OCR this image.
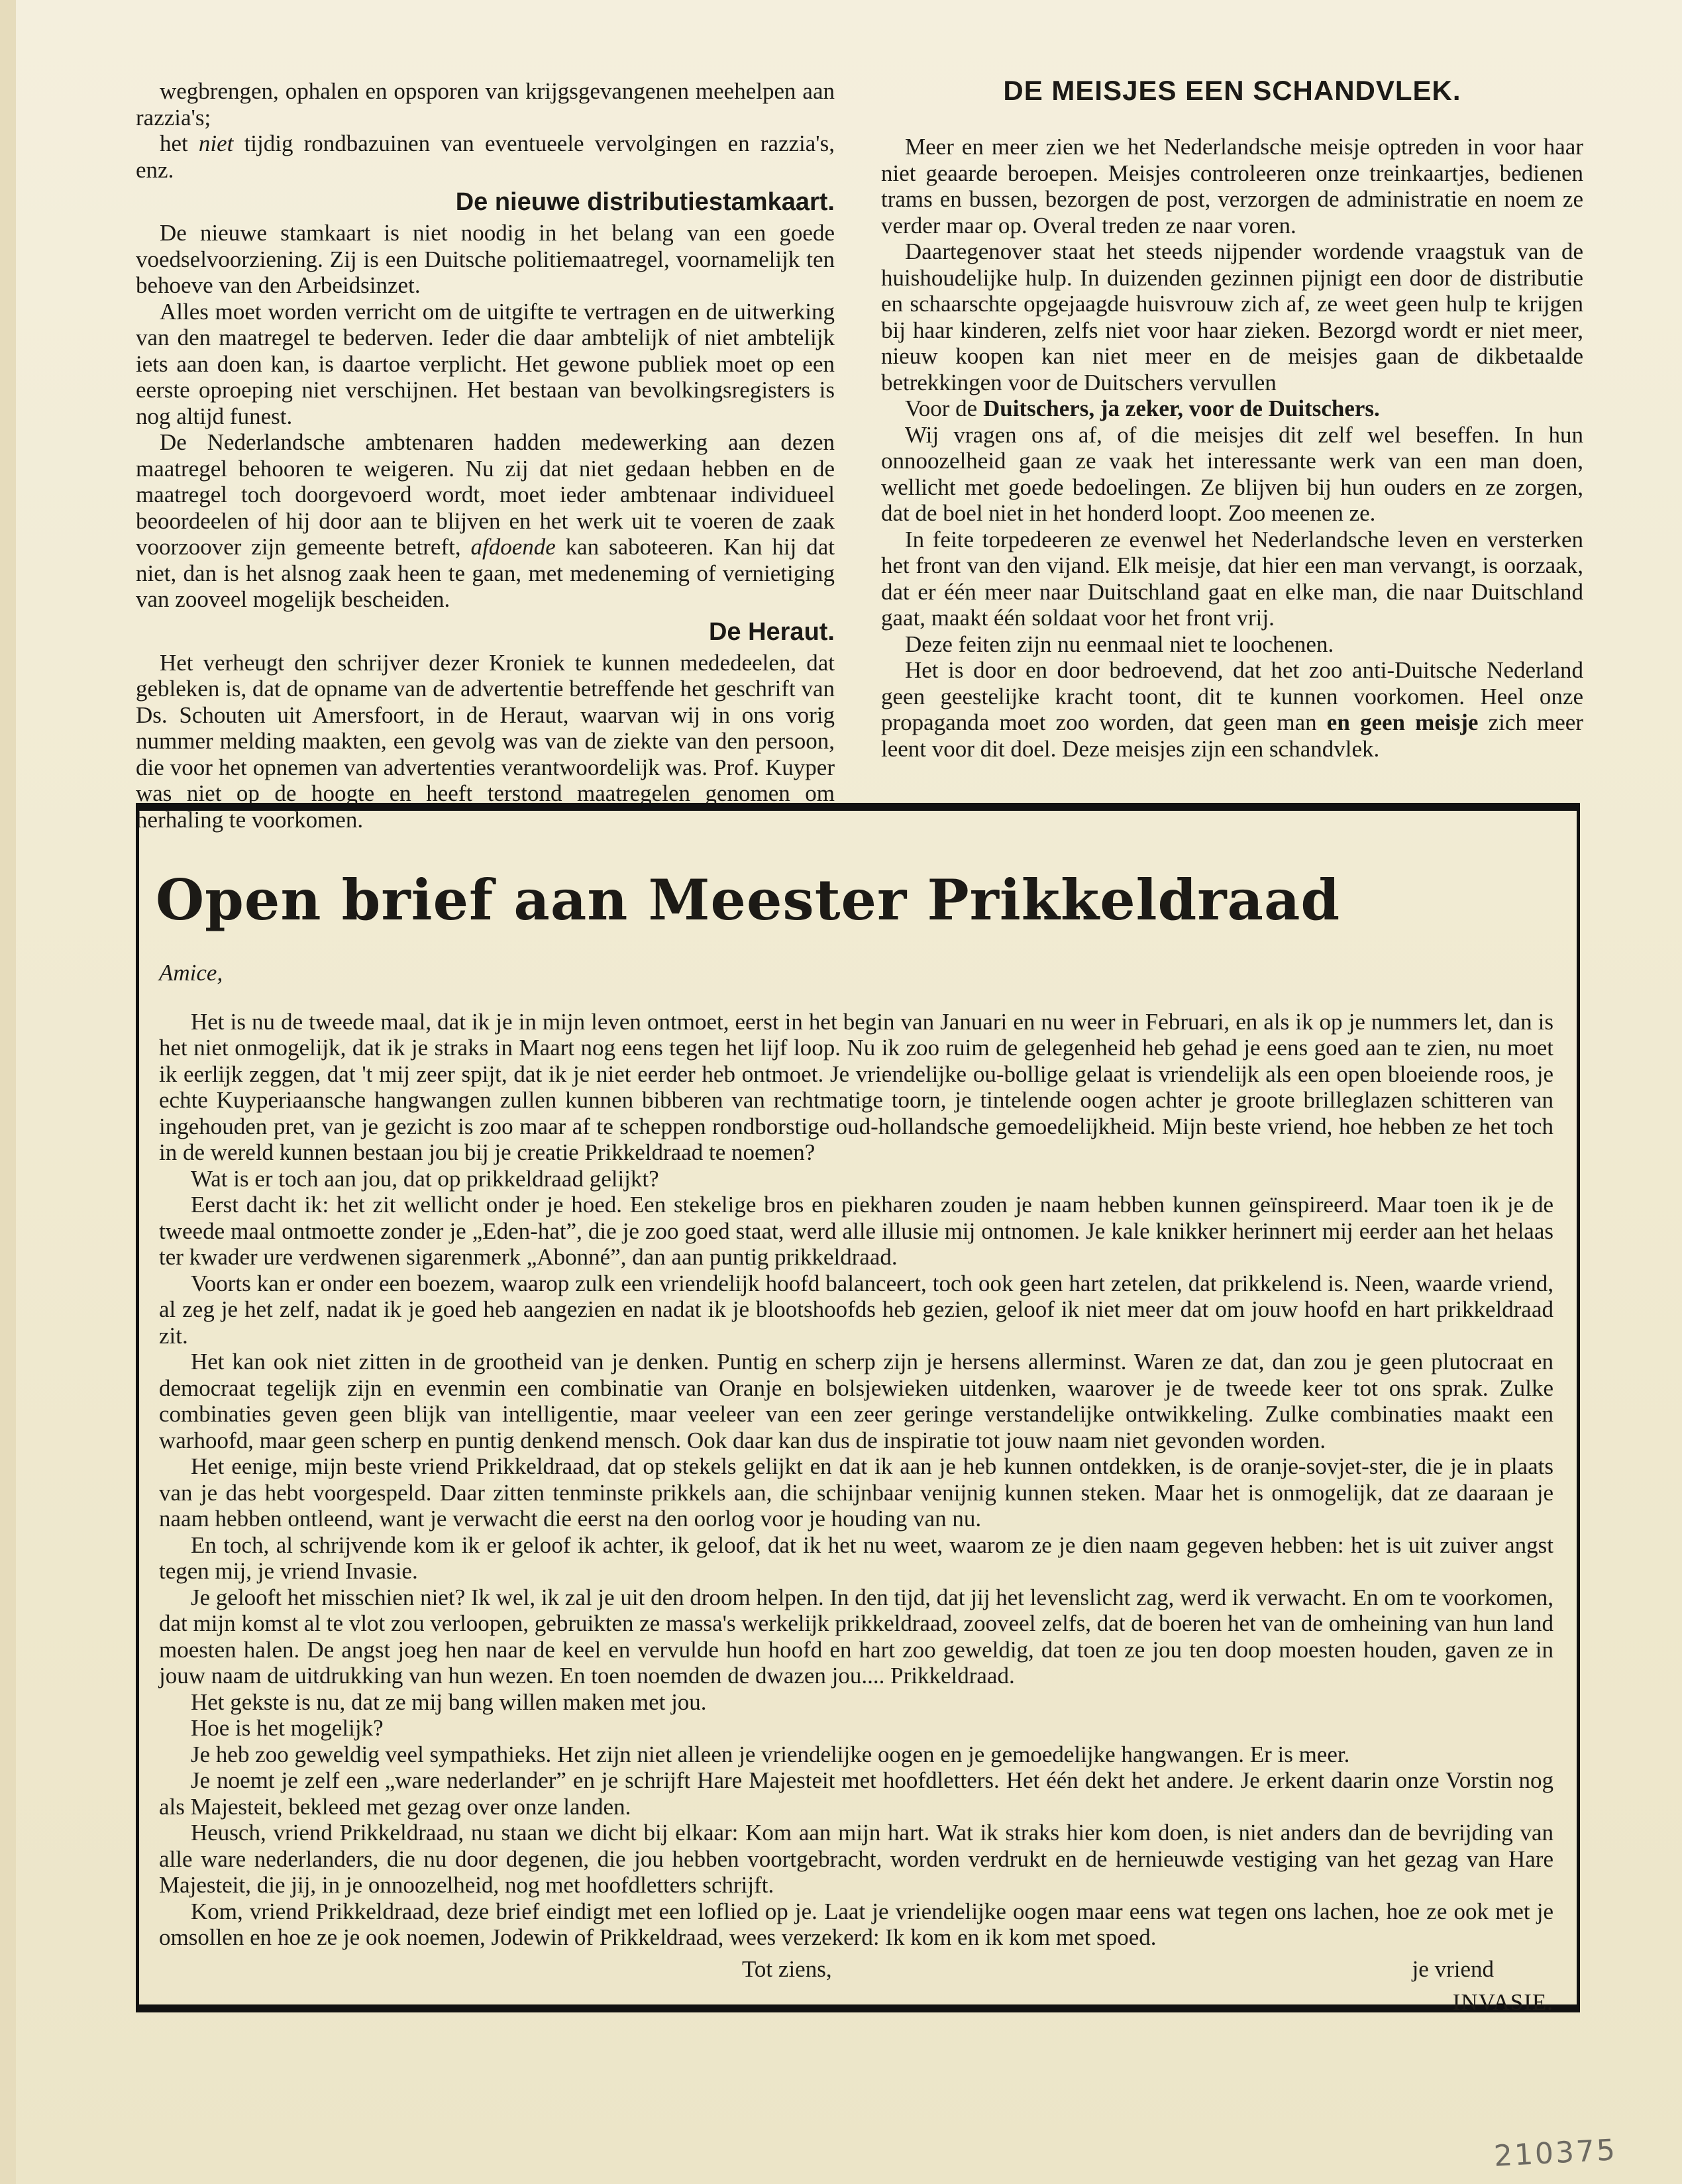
wegbrengen, ophalen en opsporen van krijgsgevangenen meehelpen aan razzia's;

het niet tijdig rondbazuinen van eventueele vervolgingen en razzia's, enz.

De nieuwe distributiestamkaart.

De nieuwe stamkaart is niet noodig in het belang van een goede voedselvoorziening. Zij is een Duitsche politiemaatregel, voornamelijk ten behoeve van den Arbeidsinzet.

Alles moet worden verricht om de uitgifte te vertragen en de uitwerking van den maatregel te bederven. Ieder die daar ambtelijk of niet ambtelijk iets aan doen kan, is daartoe verplicht. Het gewone publiek moet op een eerste oproeping niet verschijnen. Het bestaan van bevolkingsregisters is nog altijd funest.

De Nederlandsche ambtenaren hadden medewerking aan dezen maatregel behooren te weigeren. Nu zij dat niet gedaan hebben en de maatregel toch doorgevoerd wordt, moet ieder ambtenaar individueel beoordeelen of hij door aan te blijven en het werk uit te voeren de zaak voorzoover zijn gemeente betreft, afdoende kan saboteeren. Kan hij dat niet, dan is het alsnog zaak heen te gaan, met medeneming of vernietiging van zooveel mogelijk bescheiden.

De Heraut.

Het verheugt den schrijver dezer Kroniek te kunnen mededeelen, dat gebleken is, dat de opname van de advertentie betreffende het geschrift van Ds. Schouten uit Amersfoort, in de Heraut, waarvan wij in ons vorig nummer melding maakten, een gevolg was van de ziekte van den persoon, die voor het opnemen van advertenties verantwoordelijk was. Prof. Kuyper was niet op de hoogte en heeft terstond maatregelen genomen om herhaling te voorkomen.

DE MEISJES EEN SCHANDVLEK.

Meer en meer zien we het Nederlandsche meisje optreden in voor haar niet geaarde beroepen. Meisjes controleeren onze treinkaartjes, bedienen trams en bussen, bezorgen de post, verzorgen de administratie en noem ze verder maar op. Overal treden ze naar voren.

Daartegenover staat het steeds nijpender wordende vraagstuk van de huishoudelijke hulp. In duizenden gezinnen pijnigt een door de distributie en schaarschte opgejaagde huisvrouw zich af, ze weet geen hulp te krijgen bij haar kinderen, zelfs niet voor haar zieken. Bezorgd wordt er niet meer, nieuw koopen kan niet meer en de meisjes gaan de dikbetaalde betrekkingen voor de Duitschers vervullen

Voor de Duitschers, ja zeker, voor de Duitschers.

Wij vragen ons af, of die meisjes dit zelf wel beseffen. In hun onnoozelheid gaan ze vaak het interessante werk van een man doen, wellicht met goede bedoelingen. Ze blijven bij hun ouders en ze zorgen, dat de boel niet in het honderd loopt. Zoo meenen ze.

In feite torpedeeren ze evenwel het Nederlandsche leven en versterken het front van den vijand. Elk meisje, dat hier een man vervangt, is oorzaak, dat er één meer naar Duitschland gaat en elke man, die naar Duitschland gaat, maakt één soldaat voor het front vrij.

Deze feiten zijn nu eenmaal niet te loochenen.

Het is door en door bedroevend, dat het zoo anti-Duitsche Nederland geen geestelijke kracht toont, dit te kunnen voorkomen. Heel onze propaganda moet zoo worden, dat geen man en geen meisje zich meer leent voor dit doel. Deze meisjes zijn een schandvlek.

Open brief aan Meester Prikkeldraad

Amice,

Het is nu de tweede maal, dat ik je in mijn leven ontmoet, eerst in het begin van Januari en nu weer in Februari, en als ik op je nummers let, dan is het niet onmogelijk, dat ik je straks in Maart nog eens tegen het lijf loop. Nu ik zoo ruim de gelegenheid heb gehad je eens goed aan te zien, nu moet ik eerlijk zeggen, dat 't mij zeer spijt, dat ik je niet eerder heb ontmoet. Je vriendelijke ou-bollige gelaat is vriendelijk als een open bloeiende roos, je echte Kuyperiaansche hangwangen zullen kunnen bibberen van rechtmatige toorn, je tintelende oogen achter je groote brilleglazen schitteren van ingehouden pret, van je gezicht is zoo maar af te scheppen rondborstige oud-hollandsche gemoedelijkheid. Mijn beste vriend, hoe hebben ze het toch in de wereld kunnen bestaan jou bij je creatie Prikkeldraad te noemen?

Wat is er toch aan jou, dat op prikkeldraad gelijkt?

Eerst dacht ik: het zit wellicht onder je hoed. Een stekelige bros en piekharen zouden je naam hebben kunnen geïnspireerd. Maar toen ik je de tweede maal ontmoette zonder je „Eden-hat”, die je zoo goed staat, werd alle illusie mij ontnomen. Je kale knikker herinnert mij eerder aan het helaas ter kwader ure verdwenen sigarenmerk „Abonné”, dan aan puntig prikkeldraad.

Voorts kan er onder een boezem, waarop zulk een vriendelijk hoofd balanceert, toch ook geen hart zetelen, dat prikkelend is. Neen, waarde vriend, al zeg je het zelf, nadat ik je goed heb aangezien en nadat ik je blootshoofds heb gezien, geloof ik niet meer dat om jouw hoofd en hart prikkeldraad zit.

Het kan ook niet zitten in de grootheid van je denken. Puntig en scherp zijn je hersens allerminst. Waren ze dat, dan zou je geen plutocraat en democraat tegelijk zijn en evenmin een combinatie van Oranje en bolsjewieken uitdenken, waarover je de tweede keer tot ons sprak. Zulke combinaties geven geen blijk van intelligentie, maar veeleer van een zeer geringe verstandelijke ontwikkeling. Zulke combinaties maakt een warhoofd, maar geen scherp en puntig denkend mensch. Ook daar kan dus de inspiratie tot jouw naam niet gevonden worden.

Het eenige, mijn beste vriend Prikkeldraad, dat op stekels gelijkt en dat ik aan je heb kunnen ontdekken, is de oranje-sovjet-ster, die je in plaats van je das hebt voorgespeld. Daar zitten tenminste prikkels aan, die schijnbaar venijnig kunnen steken. Maar het is onmogelijk, dat ze daaraan je naam hebben ontleend, want je verwacht die eerst na den oorlog voor je houding van nu.

En toch, al schrijvende kom ik er geloof ik achter, ik geloof, dat ik het nu weet, waarom ze je dien naam gegeven hebben: het is uit zuiver angst tegen mij, je vriend Invasie.

Je gelooft het misschien niet? Ik wel, ik zal je uit den droom helpen. In den tijd, dat jij het levenslicht zag, werd ik verwacht. En om te voorkomen, dat mijn komst al te vlot zou verloopen, gebruikten ze massa's werkelijk prikkeldraad, zooveel zelfs, dat de boeren het van de omheining van hun land moesten halen. De angst joeg hen naar de keel en vervulde hun hoofd en hart zoo geweldig, dat toen ze jou ten doop moesten houden, gaven ze in jouw naam de uitdrukking van hun wezen. En toen noemden de dwazen jou.... Prikkeldraad.

Het gekste is nu, dat ze mij bang willen maken met jou.

Hoe is het mogelijk?

Je heb zoo geweldig veel sympathieks. Het zijn niet alleen je vriendelijke oogen en je gemoedelijke hangwangen. Er is meer.

Je noemt je zelf een „ware nederlander” en je schrijft Hare Majesteit met hoofdletters. Het één dekt het andere. Je erkent daarin onze Vorstin nog als Majesteit, bekleed met gezag over onze landen.

Heusch, vriend Prikkeldraad, nu staan we dicht bij elkaar: Kom aan mijn hart. Wat ik straks hier kom doen, is niet anders dan de bevrijding van alle ware nederlanders, die nu door degenen, die jou hebben voortgebracht, worden verdrukt en de hernieuwde vestiging van het gezag van Hare Majesteit, die jij, in je onnoozelheid, nog met hoofdletters schrijft.

Kom, vriend Prikkeldraad, deze brief eindigt met een loflied op je. Laat je vriendelijke oogen maar eens wat tegen ons lachen, hoe ze ook met je omsollen en hoe ze je ook noemen, Jodewin of Prikkeldraad, wees verzekerd: Ik kom en ik kom met spoed.

Tot ziens,	je vriend
INVASIE.
210375
